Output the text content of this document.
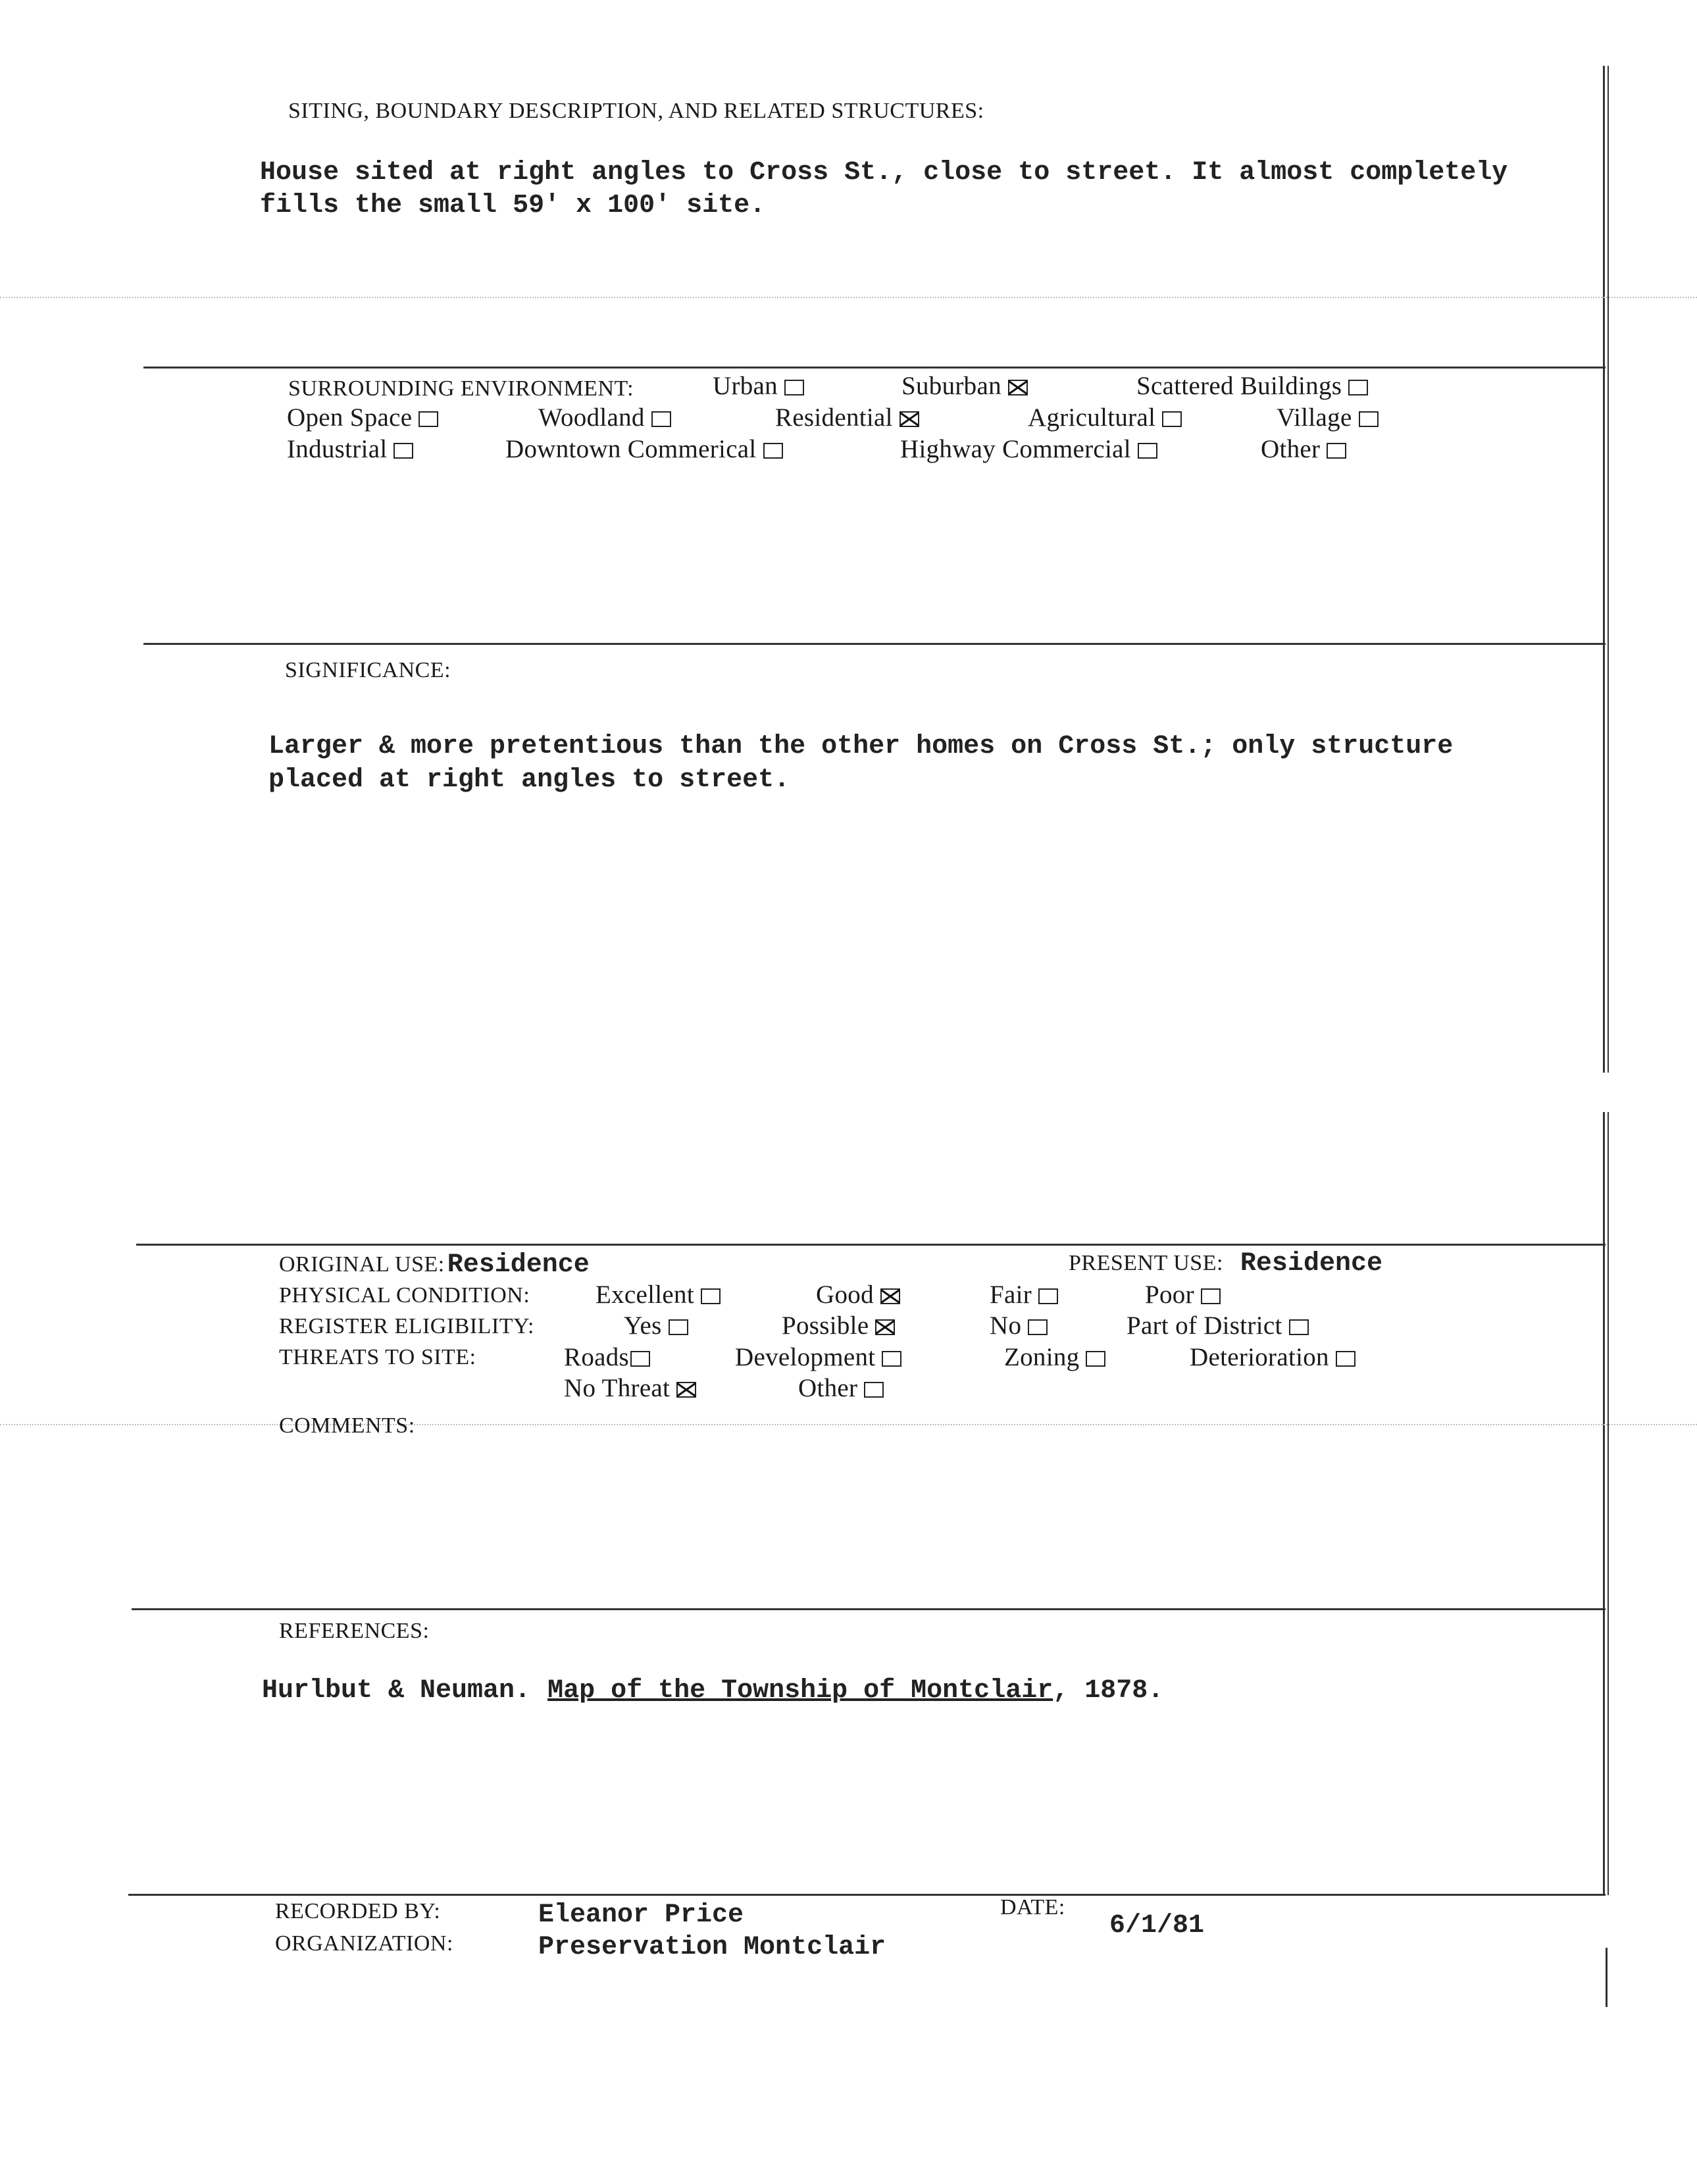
SITING, BOUNDARY DESCRIPTION, AND RELATED STRUCTURES:
House sited at right angles to Cross St., close to street. It almost completely
fills the small 59' x 100' site.
SURROUNDING ENVIRONMENT:	Urban	Suburban	Scattered Buildings
Open Space	Woodland	Residential	Agricultural	Village
Industrial	Downtown Commerical	Highway Commercial	Other
SIGNIFICANCE:
Larger & more pretentious than the other homes on Cross St.; only structure
placed at right angles to street.
ORIGINAL USE: Residence	PRESENT USE: Residence
PHYSICAL CONDITION:	Excellent	Good	Fair	Poor
REGISTER ELIGIBILITY:	Yes	Possible	No	Part of District
THREATS TO SITE:	Roads	Development	Zoning	Deterioration
No Threat	Other
COMMENTS:
REFERENCES:
Hurlbut & Neuman. Map of the Township of Montclair, 1878.
RECORDED BY:	Eleanor Price
ORGANIZATION:	Preservation Montclair
DATE:
6/1/81
